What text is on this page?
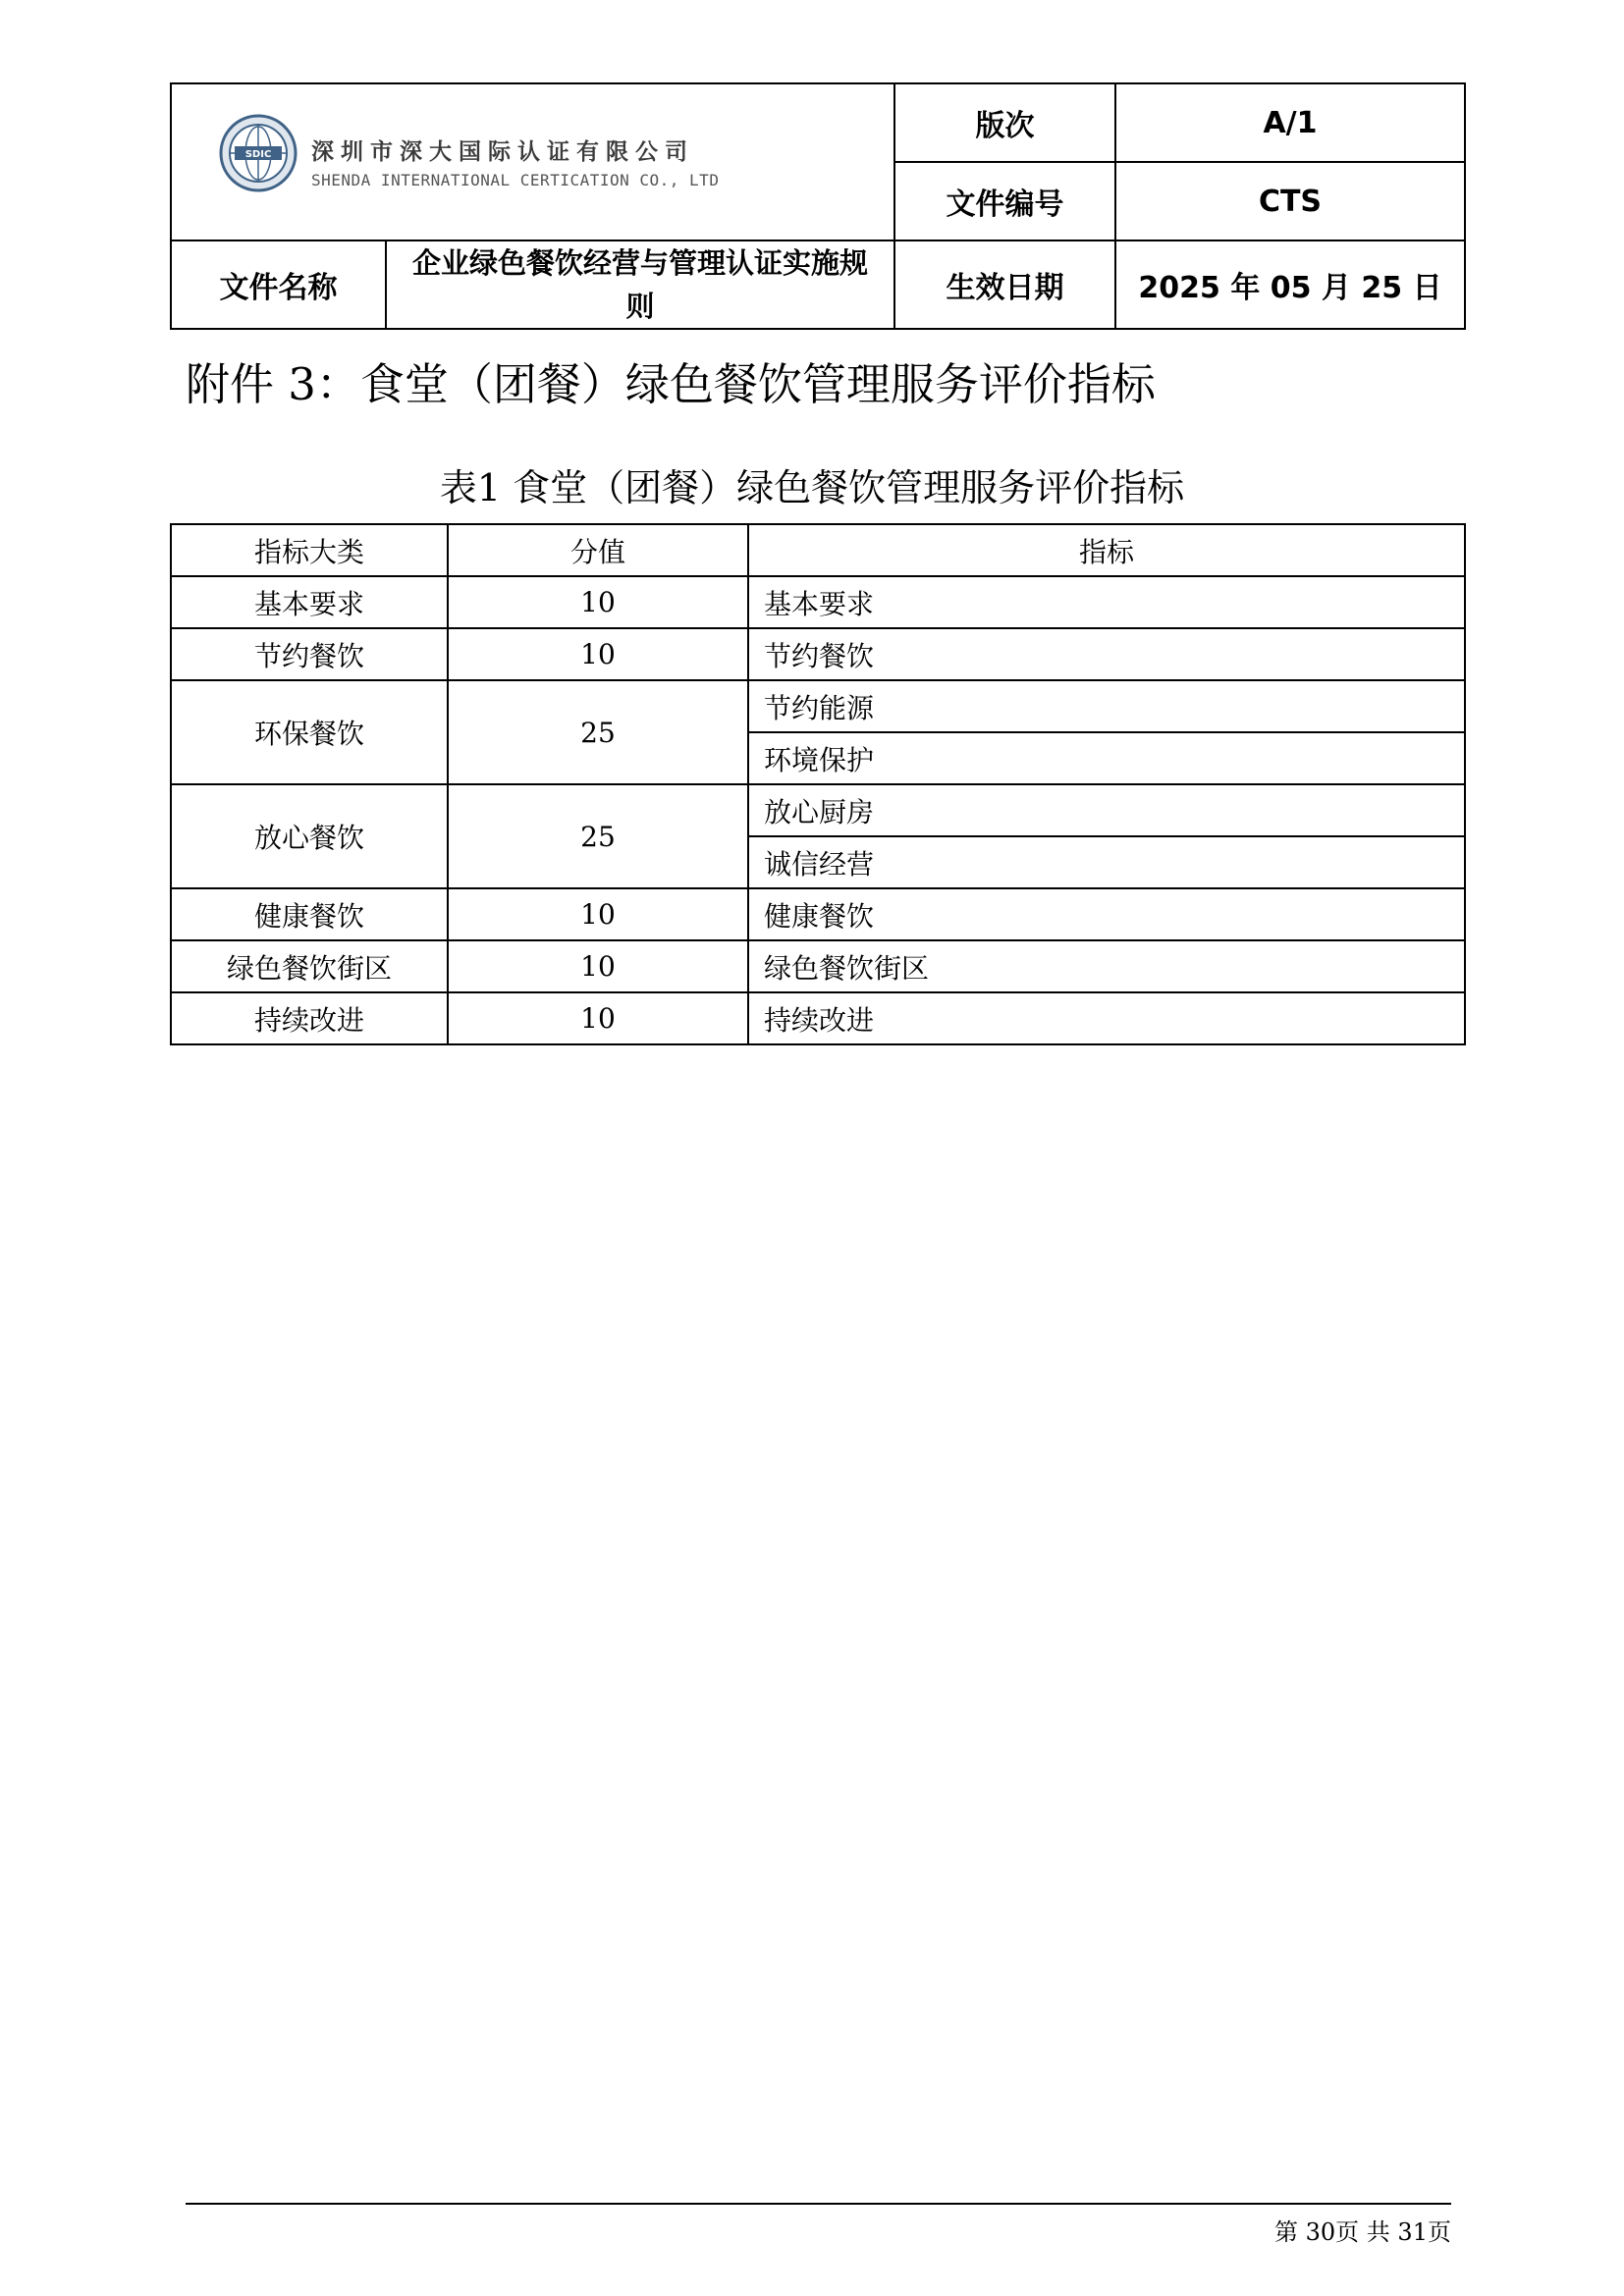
SDIC 深圳市深大国际认证有限公司
SHENDA INTERNATIONAL CERTICATION CO., LTD		版次	A/1
		文件编号	CTS
文件名称	企业绿色餐饮经营与管理认证实施规则	生效日期	2025 年 05 月 25 日
附件 3：食堂（团餐）绿色餐饮管理服务评价指标
表1 食堂（团餐）绿色餐饮管理服务评价指标
指标大类	分值	指标
基本要求	10	基本要求
节约餐饮	10	节约餐饮
环保餐饮	25	节约能源
		环境保护
放心餐饮	25	放心厨房
		诚信经营
健康餐饮	10	健康餐饮
绿色餐饮街区	10	绿色餐饮街区
持续改进	10	持续改进
第 30页 共 31页
